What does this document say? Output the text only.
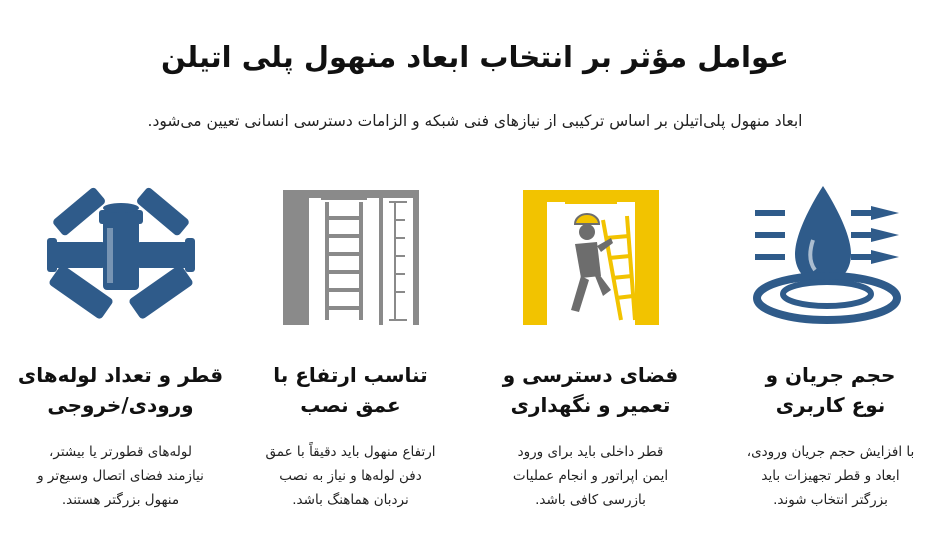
عوامل مؤثر بر انتخاب ابعاد منهول پلی اتیلن
ابعاد منهول پلی‌اتیلن بر اساس ترکیبی از نیازهای فنی شبکه و الزامات دسترسی انسانی تعیین می‌شود.
قطر و تعداد لوله‌های
ورودی/خروجی
لوله‌های قطورتر یا بیشتر،
نیازمند فضای اتصال وسیع‌تر و
منهول بزرگتر هستند.
تناسب ارتفاع با
عمق نصب
ارتفاع منهول باید دقیقاً با عمق
دفن لوله‌ها و نیاز به نصب
نردبان هماهنگ باشد.
فضای دسترسی و
تعمیر و نگهداری
قطر داخلی باید برای ورود
ایمن اپراتور و انجام عملیات
بازرسی کافی باشد.
حجم جریان و
نوع کاربری
با افزایش حجم جریان ورودی،
ابعاد و قطر تجهیزات باید
بزرگتر انتخاب شوند.
